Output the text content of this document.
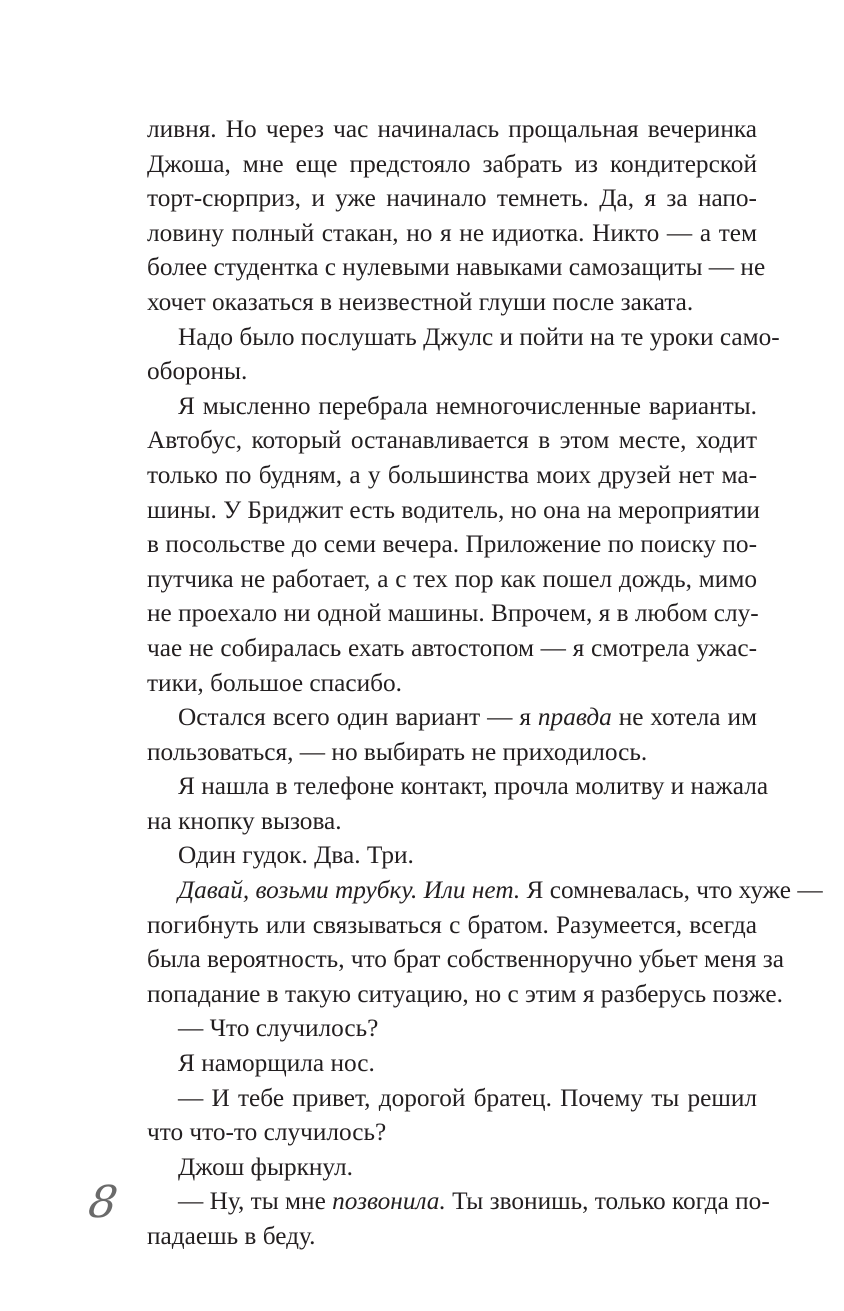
ливня. Но через час начиналась прощальная вечеринка
Джоша, мне еще предстояло забрать из кондитерской
торт-сюрприз, и уже начинало темнеть. Да, я за напо-
ловину полный стакан, но я не идиотка. Никто — а тем
более студентка с нулевыми навыками самозащиты — не
хочет оказаться в неизвестной глуши после заката.
Надо было послушать Джулс и пойти на те уроки само-
обороны.
Я мысленно перебрала немногочисленные варианты.
Автобус, который останавливается в этом месте, ходит
только по будням, а у большинства моих друзей нет ма-
шины. У Бриджит есть водитель, но она на мероприятии
в посольстве до семи вечера. Приложение по поиску по-
путчика не работает, а с тех пор как пошел дождь, мимо
не проехало ни одной машины. Впрочем, я в любом слу-
чае не собиралась ехать автостопом — я смотрела ужас-
тики, большое спасибо.
Остался всего один вариант — я правда не хотела им
пользоваться, — но выбирать не приходилось.
Я нашла в телефоне контакт, прочла молитву и нажала
на кнопку вызова.
Один гудок. Два. Три.
Давай, возьми трубку. Или нет. Я сомневалась, что хуже —
погибнуть или связываться с братом. Разумеется, всегда
была вероятность, что брат собственноручно убьет меня за
попадание в такую ситуацию, но с этим я разберусь позже.
— Что случилось?
Я наморщила нос.
— И тебе привет, дорогой братец. Почему ты решил
что что-то случилось?
Джош фыркнул.
— Ну, ты мне позвонила. Ты звонишь, только когда по-
падаешь в беду.
8
